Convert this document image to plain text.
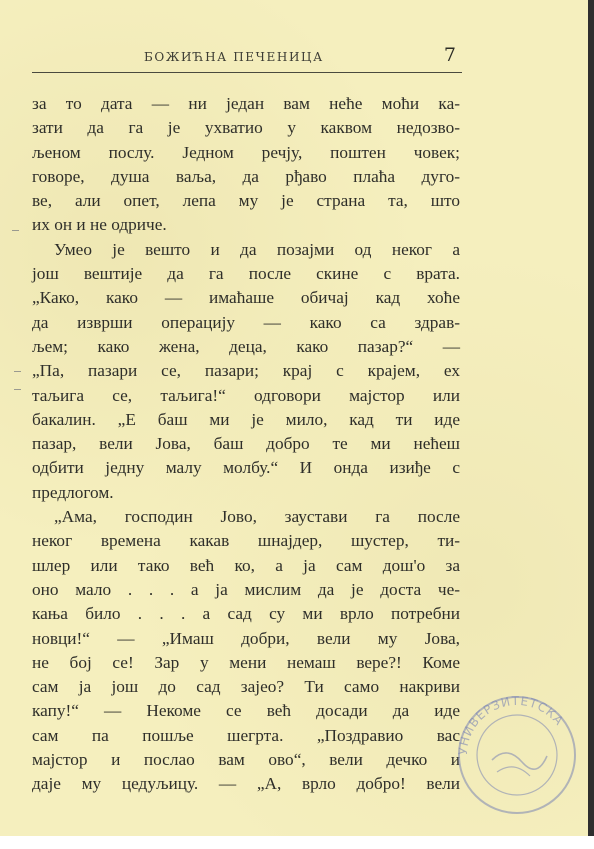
БОЖИЋНА ПЕЧЕНИЦА	7
за то дата — ни један вам неће моћи ка-
зати да га је ухватио у каквом недозво-
љеном послу. Једном речју, поштен човек;
говоре, душа ваља, да рђаво плаћа дуго-
ве, али опет, лепа му је страна та, што
их он и не одриче.
Умео је вешто и да позајми од неког а
још вештије да га после скине с врата.
„Како, како — имаћаше обичај кад хоће
да изврши операцију — како са здрав-
љем; како жена, деца, како пазар?“ —
„Па, пазари се, пазари; крај с крајем, ех
таљига се, таљига!“ одговори мајстор или
бакалин. „Е баш ми је мило, кад ти иде
пазар, вели Јова, баш добро те ми нећеш
одбити једну малу молбу.“ И онда изиђе с
предлогом.
„Ама, господин Јово, заустави га после
неког времена какав шнајдер, шустер, ти-
шлер или тако већ ко, а ја сам дош'о за
оно мало . . . а ја мислим да је доста че-
кања било . . . а сад су ми врло потребни
новци!“ — „Имаш добри, вели му Јова,
не бој се! Зар у мени немаш вере?! Коме
сам ја још до сад зајео? Ти само накриви
капу!“ — Некоме се већ досади да иде
сам па пошље шегрта. „Поздравио вас
мајстор и послао вам ово“, вели дечко и
даје му цедуљицу. — „А, врло добро! вели
УНИВЕРЗИТЕТСКА
